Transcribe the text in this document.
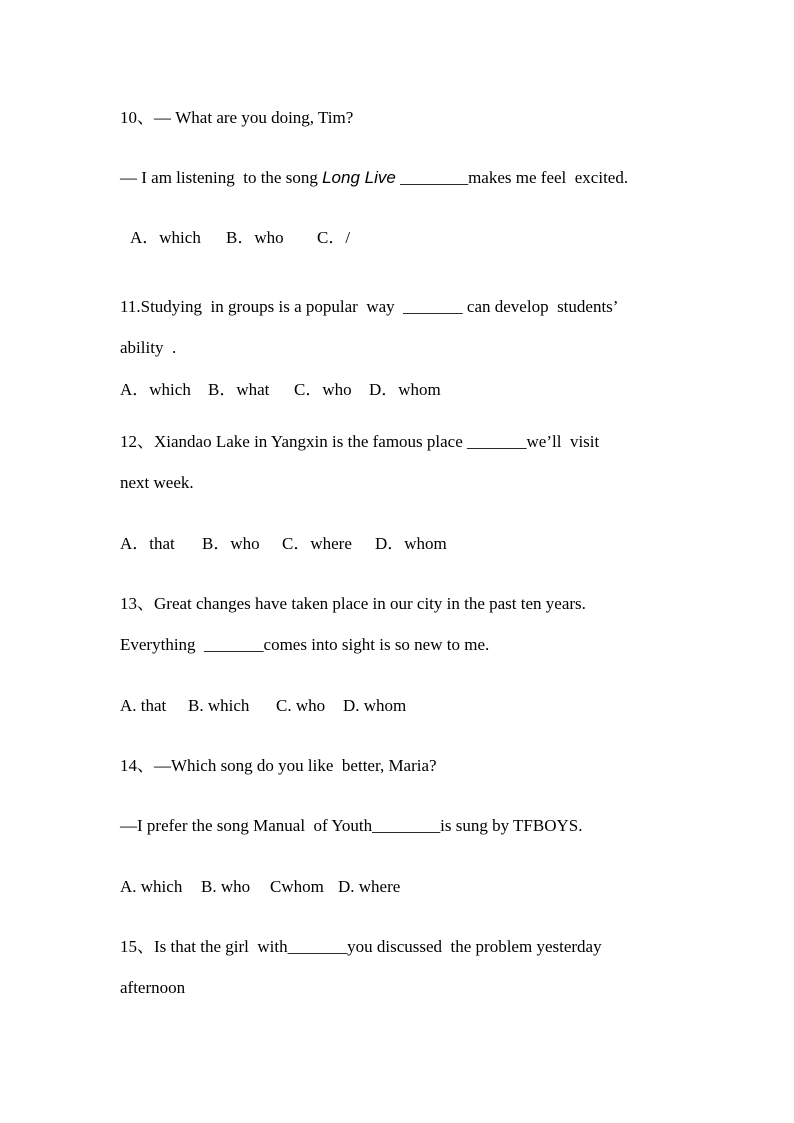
10、— What are you doing, Tim?
— I am listening  to the song Long Live ________makes me feel  excited.
A．which B．who C．/
11.Studying  in groups is a popular  way  _______ can develop  students’
ability  .
A．which B．what C．who D．whom
12、Xiandao Lake in Yangxin is the famous place _______we’ll  visit
next week.
A．that B．who C．where D．whom
13、Great changes have taken place in our city in the past ten years.
Everything  _______comes into sight is so new to me.
A. that B. which C. who D. whom
14、—Which song do you like  better, Maria?
—I prefer the song Manual  of Youth________is sung by TFBOYS.
A. which B. who Cwhom D. where
15、Is that the girl  with_______you discussed  the problem yesterday
afternoon
